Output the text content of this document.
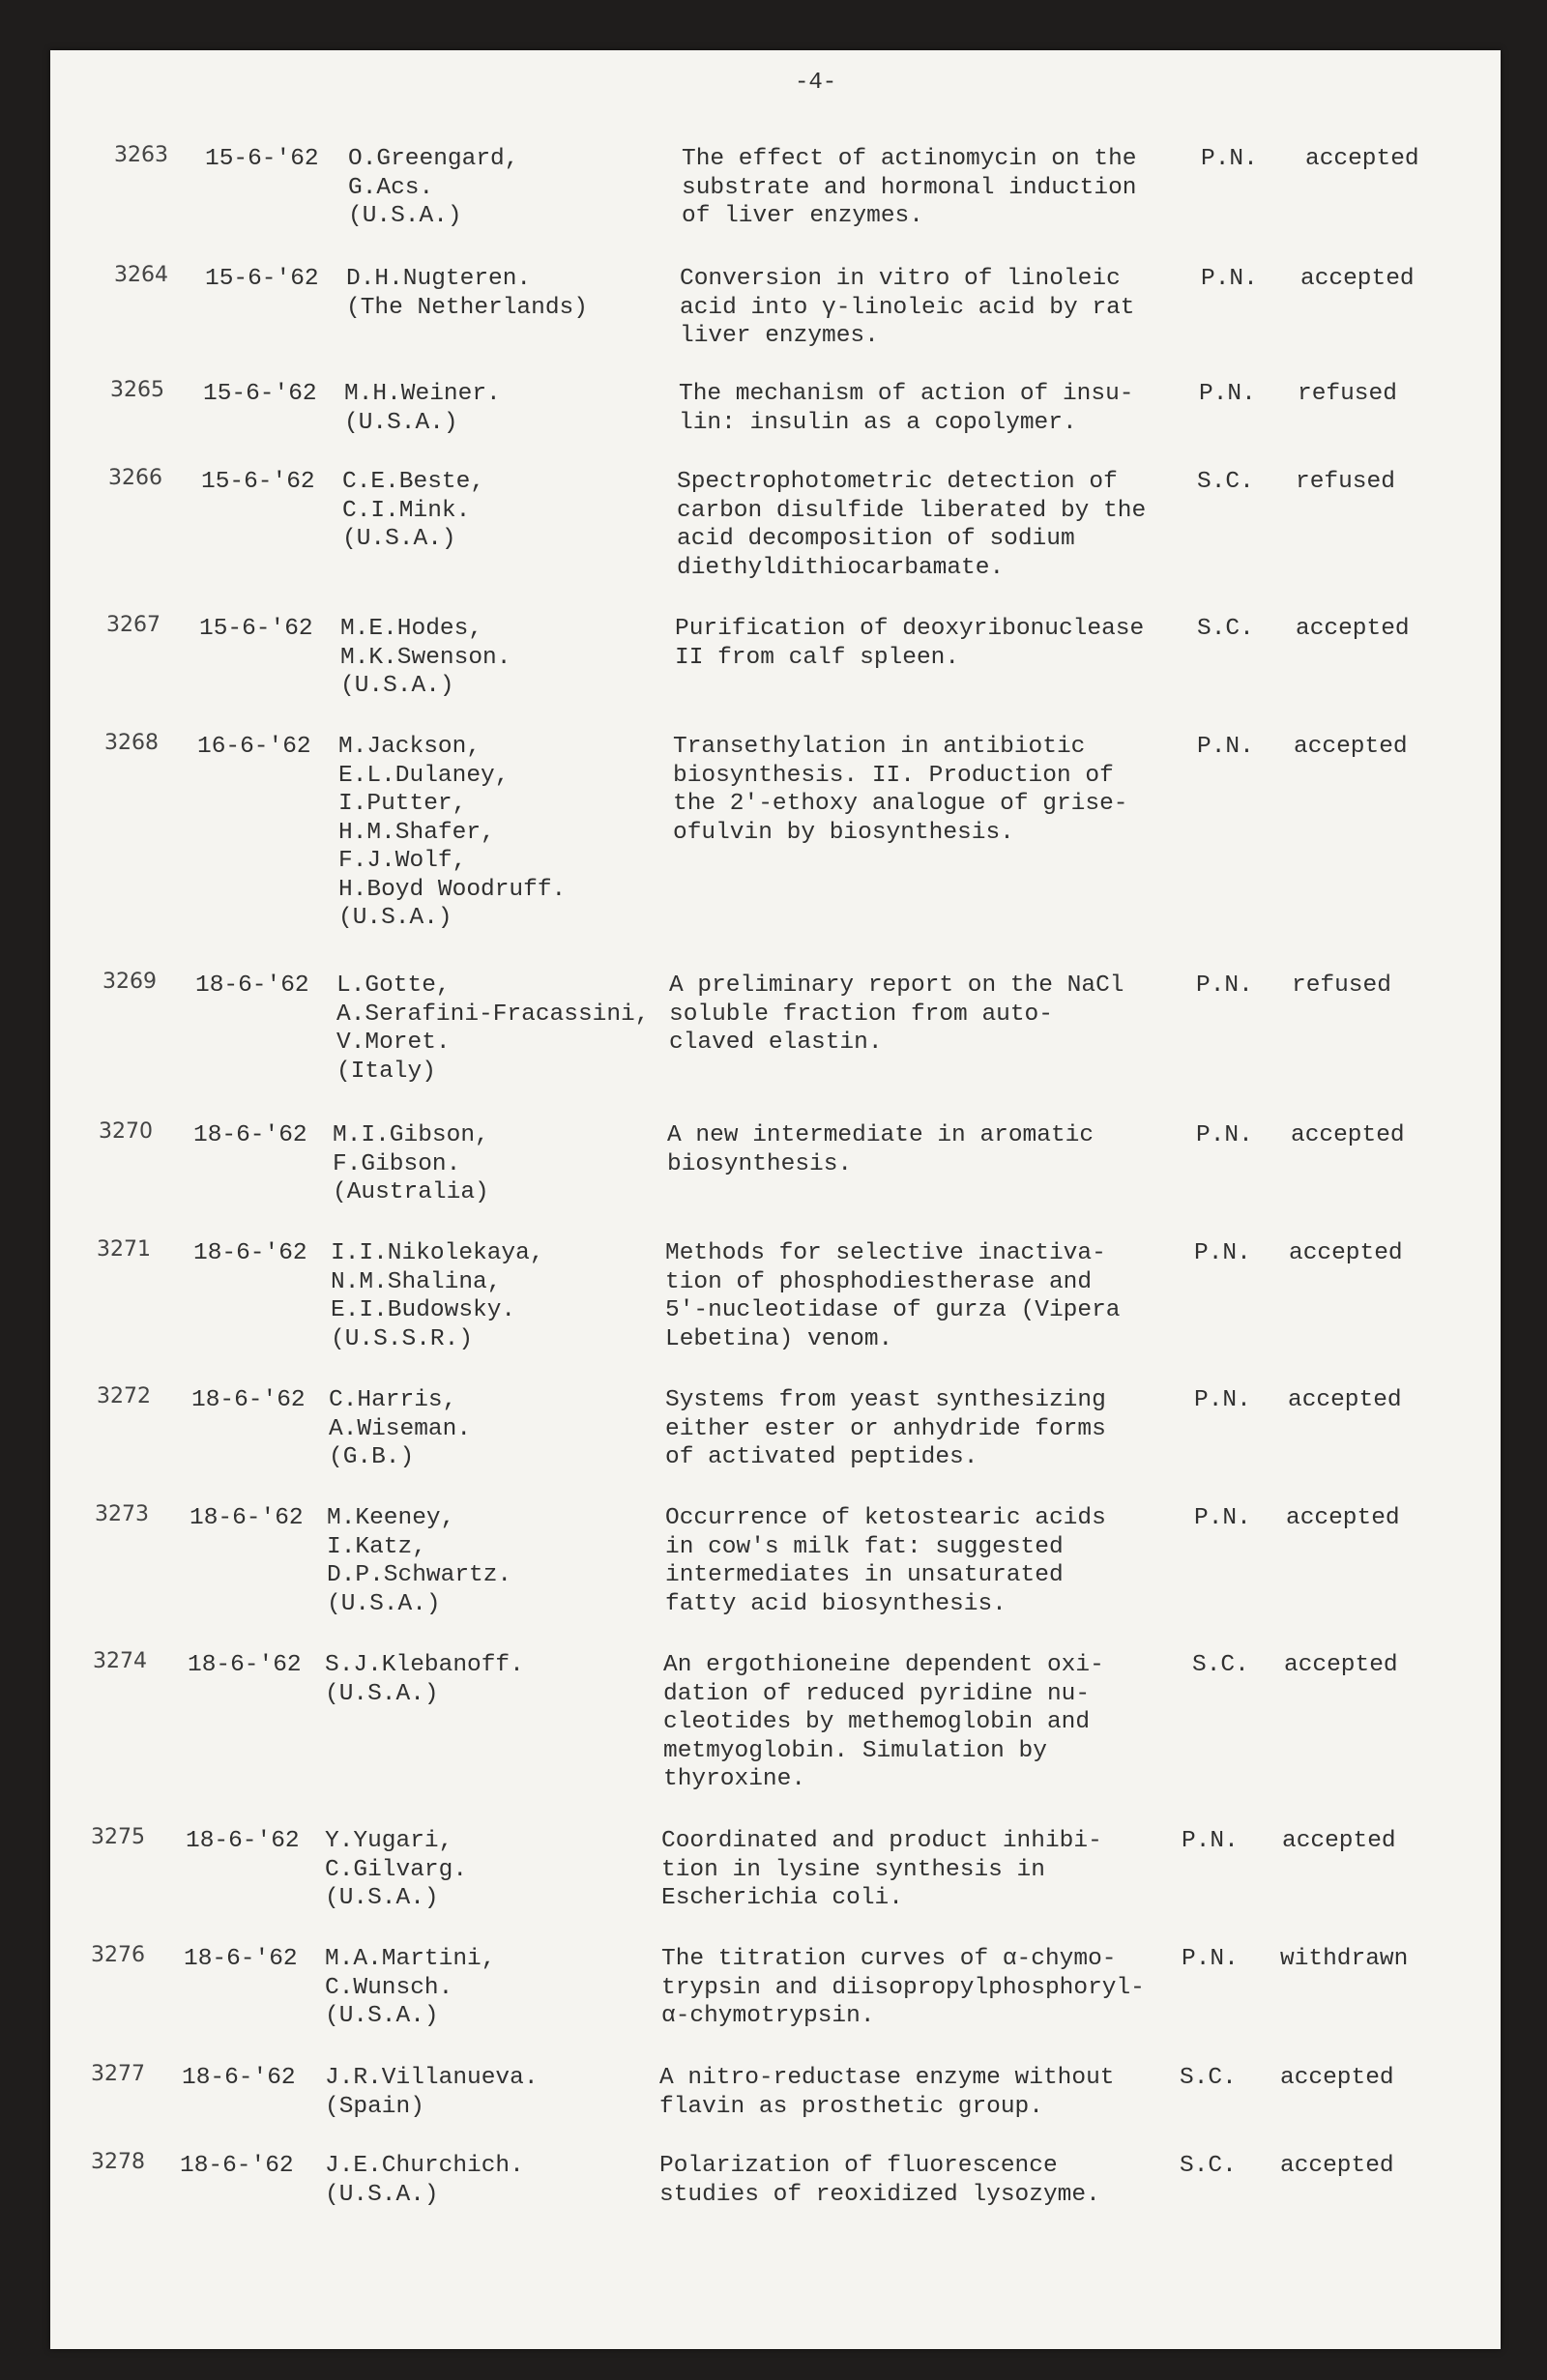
-4-
3263 15-6-'62 O.Greengard,
G.Acs.
(U.S.A.)
The effect of actinomycin on the
substrate and hormonal induction
of liver enzymes.
P.N. accepted
3264 15-6-'62 D.H.Nugteren.
(The Netherlands)
Conversion in vitro of linoleic
acid into γ-linoleic acid by rat
liver enzymes.
P.N. accepted
3265 15-6-'62 M.H.Weiner.
(U.S.A.)
The mechanism of action of insu-
lin: insulin as a copolymer.
P.N. refused
3266 15-6-'62 C.E.Beste,
C.I.Mink.
(U.S.A.)
Spectrophotometric detection of
carbon disulfide liberated by the
acid decomposition of sodium
diethyldithiocarbamate.
S.C. refused
3267 15-6-'62 M.E.Hodes,
M.K.Swenson.
(U.S.A.)
Purification of deoxyribonuclease
II from calf spleen.
S.C. accepted
3268 16-6-'62 M.Jackson,
E.L.Dulaney,
I.Putter,
H.M.Shafer,
F.J.Wolf,
H.Boyd Woodruff.
(U.S.A.)
Transethylation in antibiotic
biosynthesis. II. Production of
the 2'-ethoxy analogue of grise-
ofulvin by biosynthesis.
P.N. accepted
3269 18-6-'62 L.Gotte,
A.Serafini-Fracassini,
V.Moret.
(Italy)
A preliminary report on the NaCl
soluble fraction from auto-
claved elastin.
P.N. refused
3270 18-6-'62 M.I.Gibson,
F.Gibson.
(Australia)
A new intermediate in aromatic
biosynthesis.
P.N. accepted
3271 18-6-'62 I.I.Nikolekaya,
N.M.Shalina,
E.I.Budowsky.
(U.S.S.R.)
Methods for selective inactiva-
tion of phosphodiestherase and
5'-nucleotidase of gurza (Vipera
Lebetina) venom.
P.N. accepted
3272 18-6-'62 C.Harris,
A.Wiseman.
(G.B.)
Systems from yeast synthesizing
either ester or anhydride forms
of activated peptides.
P.N. accepted
3273 18-6-'62 M.Keeney,
I.Katz,
D.P.Schwartz.
(U.S.A.)
Occurrence of ketostearic acids
in cow's milk fat: suggested
intermediates in unsaturated
fatty acid biosynthesis.
P.N. accepted
3274 18-6-'62 S.J.Klebanoff.
(U.S.A.)
An ergothioneine dependent oxi-
dation of reduced pyridine nu-
cleotides by methemoglobin and
metmyoglobin. Simulation by
thyroxine.
S.C. accepted
3275 18-6-'62 Y.Yugari,
C.Gilvarg.
(U.S.A.)
Coordinated and product inhibi-
tion in lysine synthesis in
Escherichia coli.
P.N. accepted
3276 18-6-'62 M.A.Martini,
C.Wunsch.
(U.S.A.)
The titration curves of α-chymo-
trypsin and diisopropylphosphoryl-
α-chymotrypsin.
P.N. withdrawn
3277 18-6-'62 J.R.Villanueva.
(Spain)
A nitro-reductase enzyme without
flavin as prosthetic group.
S.C. accepted
3278 18-6-'62 J.E.Churchich.
(U.S.A.)
Polarization of fluorescence
studies of reoxidized lysozyme.
S.C. accepted
